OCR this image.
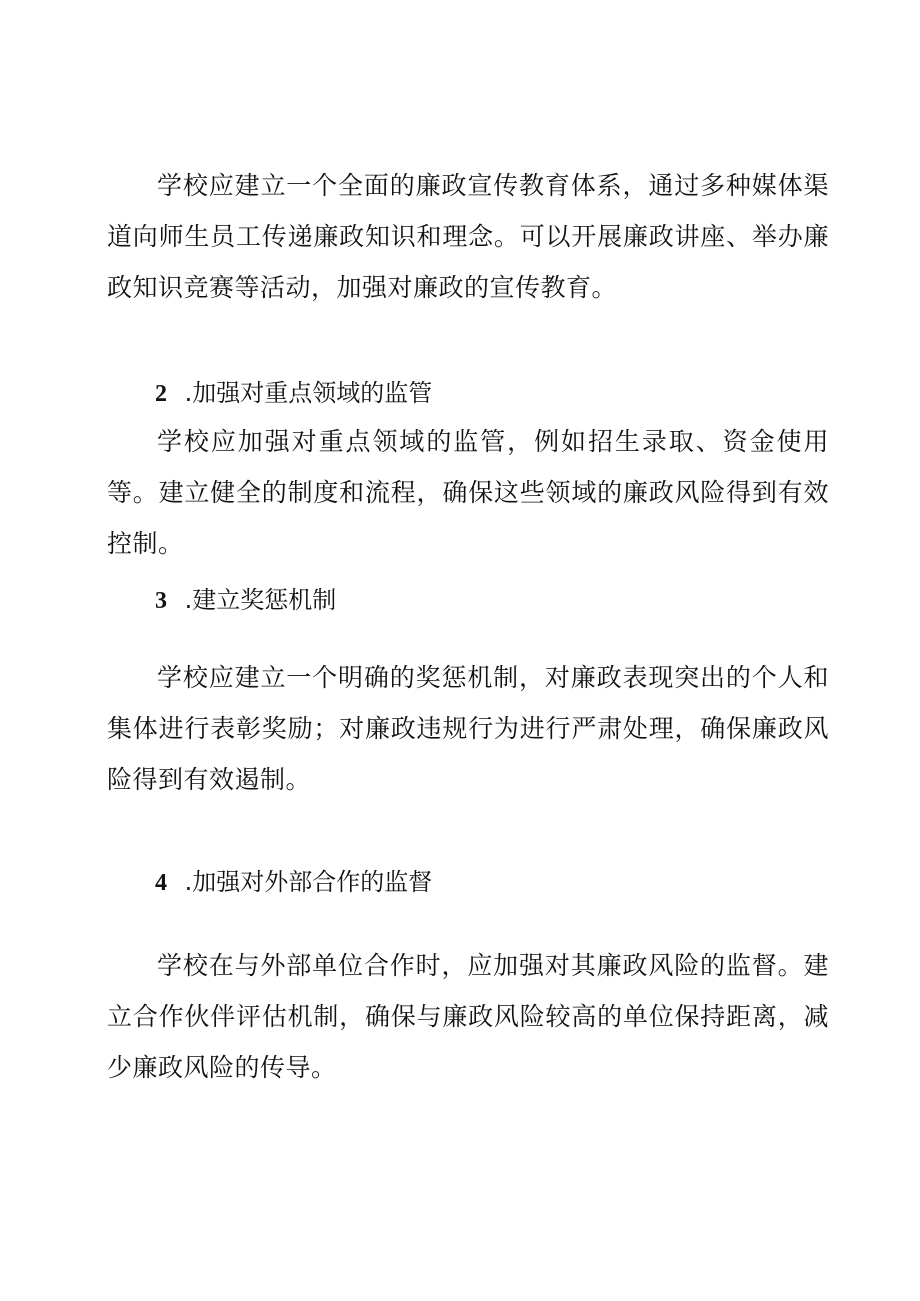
学校应建立一个全面的廉政宣传教育体系，通过多种媒体渠道向师生员工传递廉政知识和理念。可以开展廉政讲座、举办廉政知识竞赛等活动，加强对廉政的宣传教育。

2 .加强对重点领域的监管

学校应加强对重点领域的监管，例如招生录取、资金使用等。建立健全的制度和流程，确保这些领域的廉政风险得到有效控制。

3 .建立奖惩机制

学校应建立一个明确的奖惩机制，对廉政表现突出的个人和集体进行表彰奖励；对廉政违规行为进行严肃处理，确保廉政风险得到有效遏制。

4 .加强对外部合作的监督

学校在与外部单位合作时，应加强对其廉政风险的监督。建立合作伙伴评估机制，确保与廉政风险较高的单位保持距离，减少廉政风险的传导。
